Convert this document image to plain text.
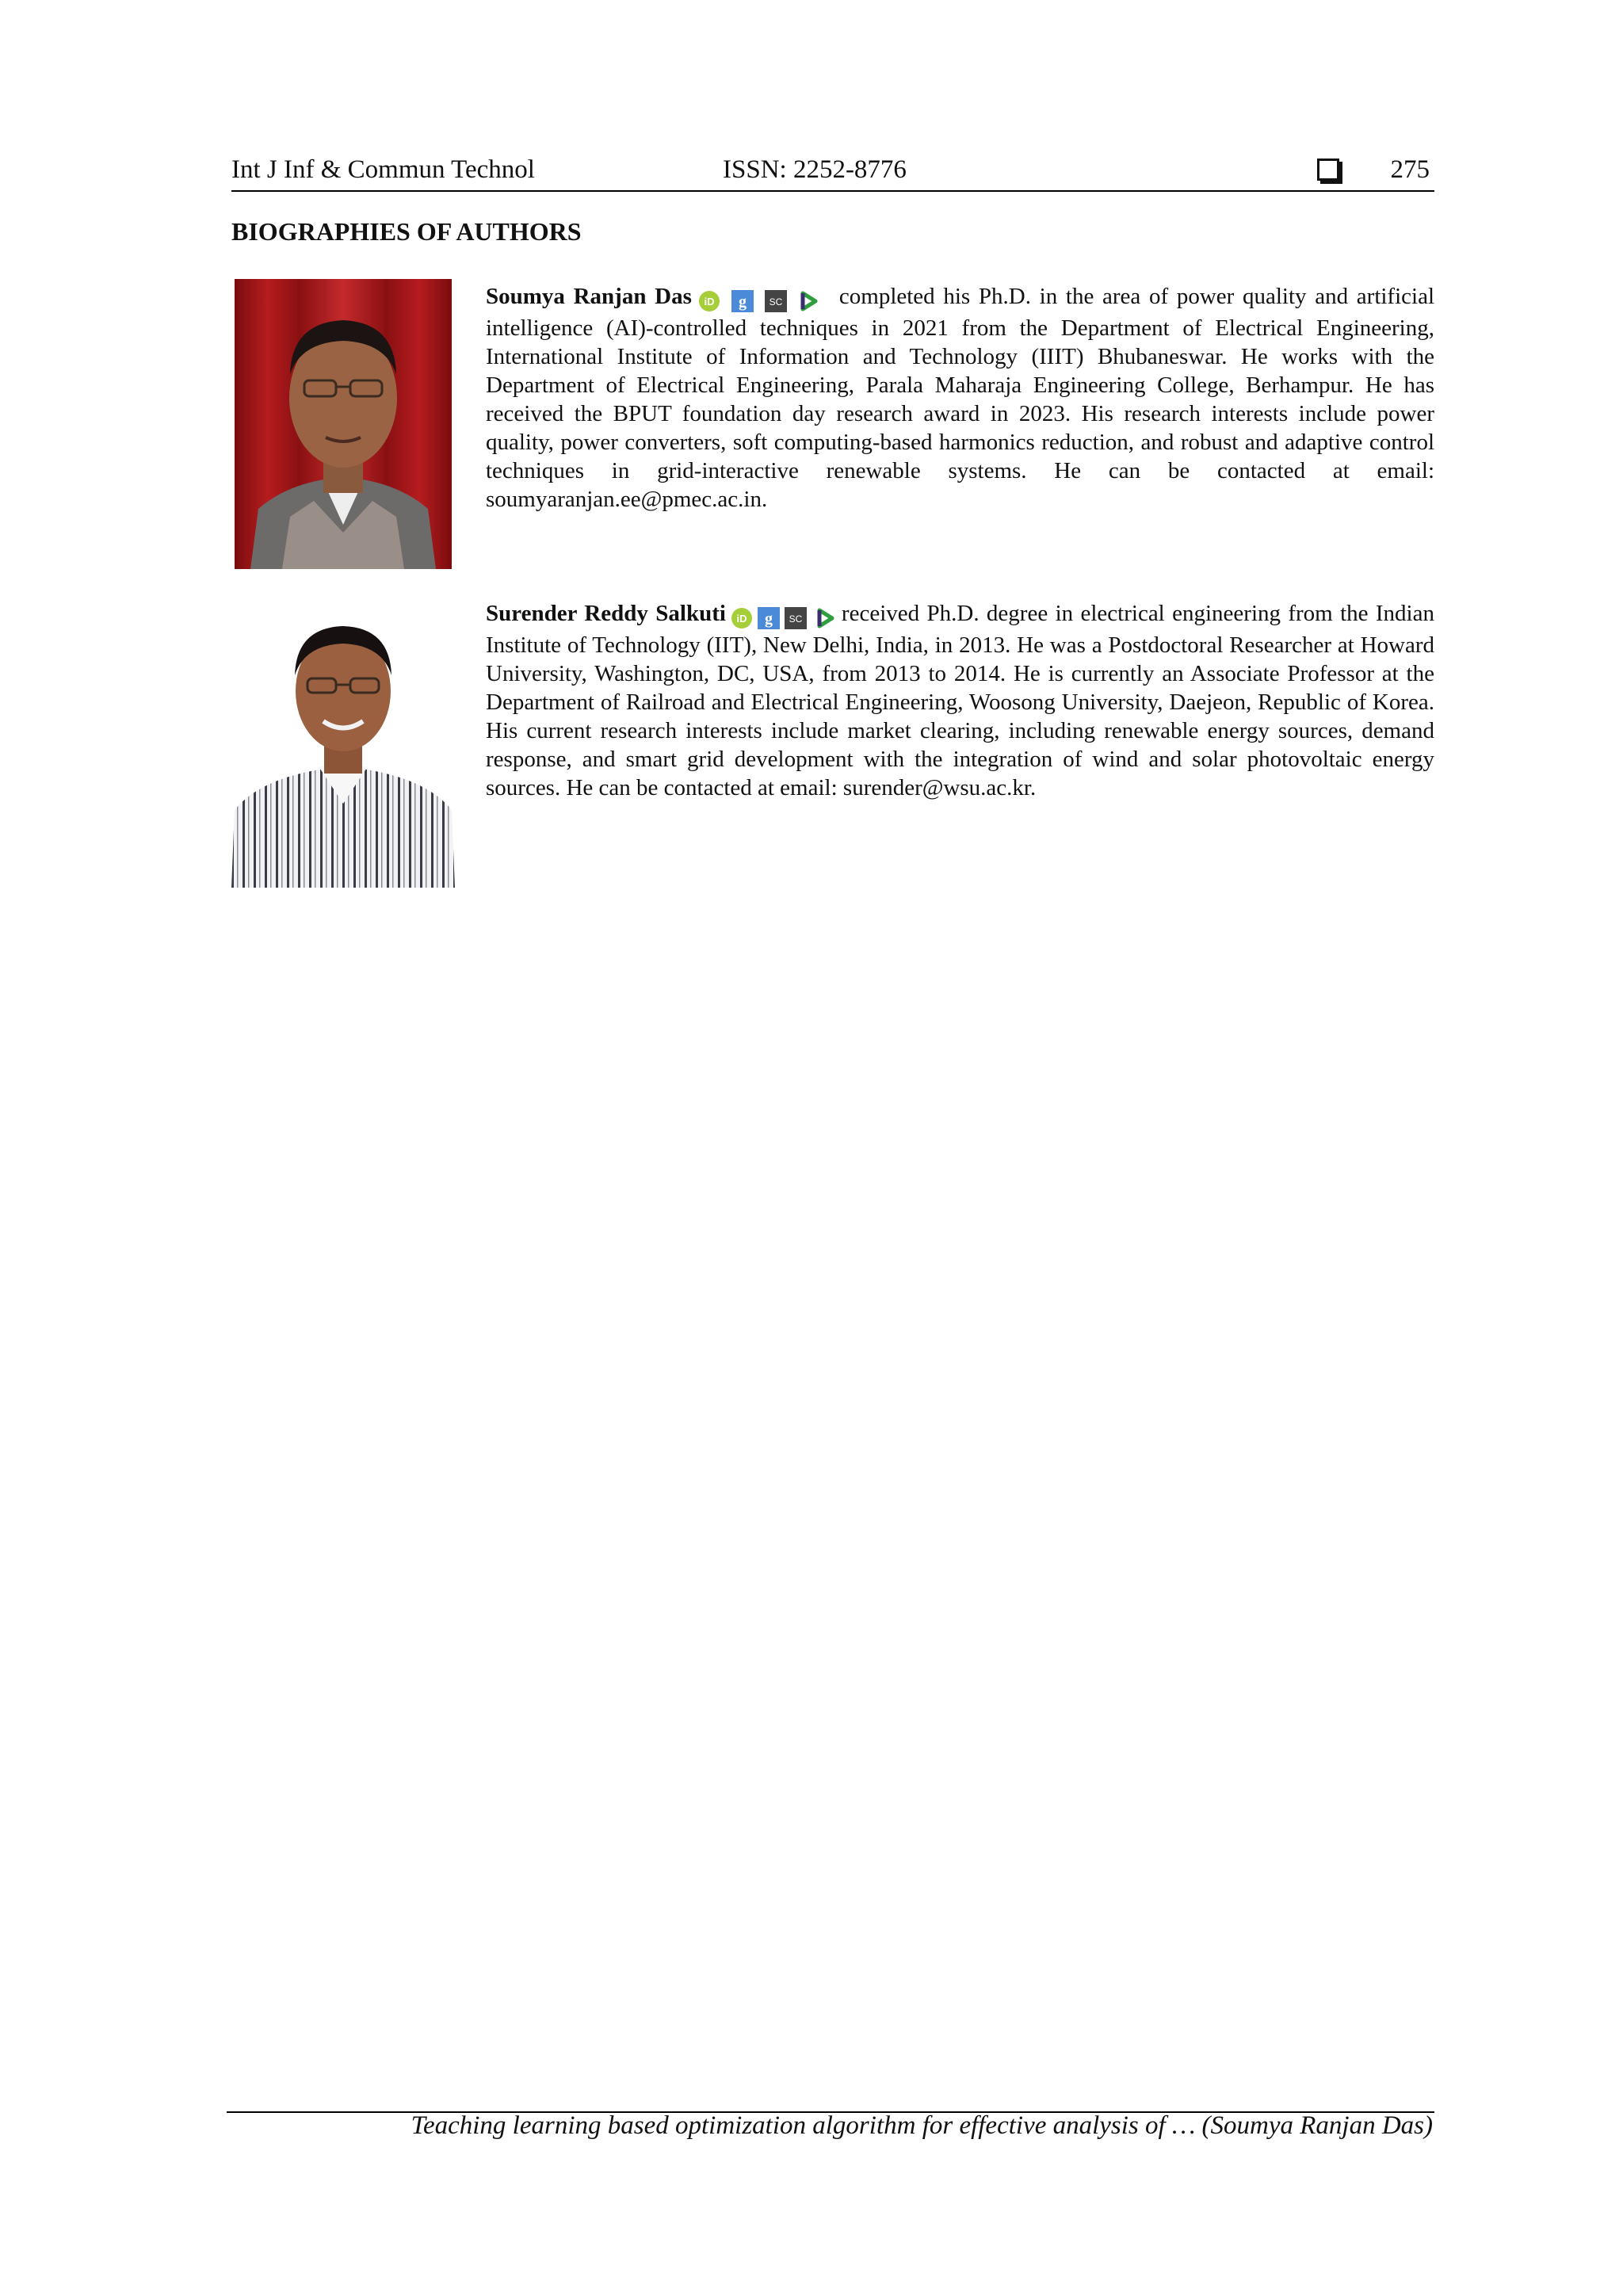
Int J Inf & Commun Technol	ISSN: 2252-8776	275
BIOGRAPHIES OF AUTHORS

Soumya Ranjan Das iD g SC completed his Ph.D. in the area of power quality and artificial intelligence (AI)-controlled techniques in 2021 from the Department of Electrical Engineering, International Institute of Information and Technology (IIIT) Bhubaneswar. He works with the Department of Electrical Engineering, Parala Maharaja Engineering College, Berhampur. He has received the BPUT foundation day research award in 2023. His research interests include power quality, power converters, soft computing-based harmonics reduction, and robust and adaptive control techniques in grid-interactive renewable systems. He can be contacted at email: soumyaranjan.ee@pmec.ac.in.

Surender Reddy Salkuti iD g SC received Ph.D. degree in electrical engineering from the Indian Institute of Technology (IIT), New Delhi, India, in 2013. He was a Postdoctoral Researcher at Howard University, Washington, DC, USA, from 2013 to 2014. He is currently an Associate Professor at the Department of Railroad and Electrical Engineering, Woosong University, Daejeon, Republic of Korea. His current research interests include market clearing, including renewable energy sources, demand response, and smart grid development with the integration of wind and solar photovoltaic energy sources. He can be contacted at email: surender@wsu.ac.kr.

Teaching learning based optimization algorithm for effective analysis of … (Soumya Ranjan Das)
